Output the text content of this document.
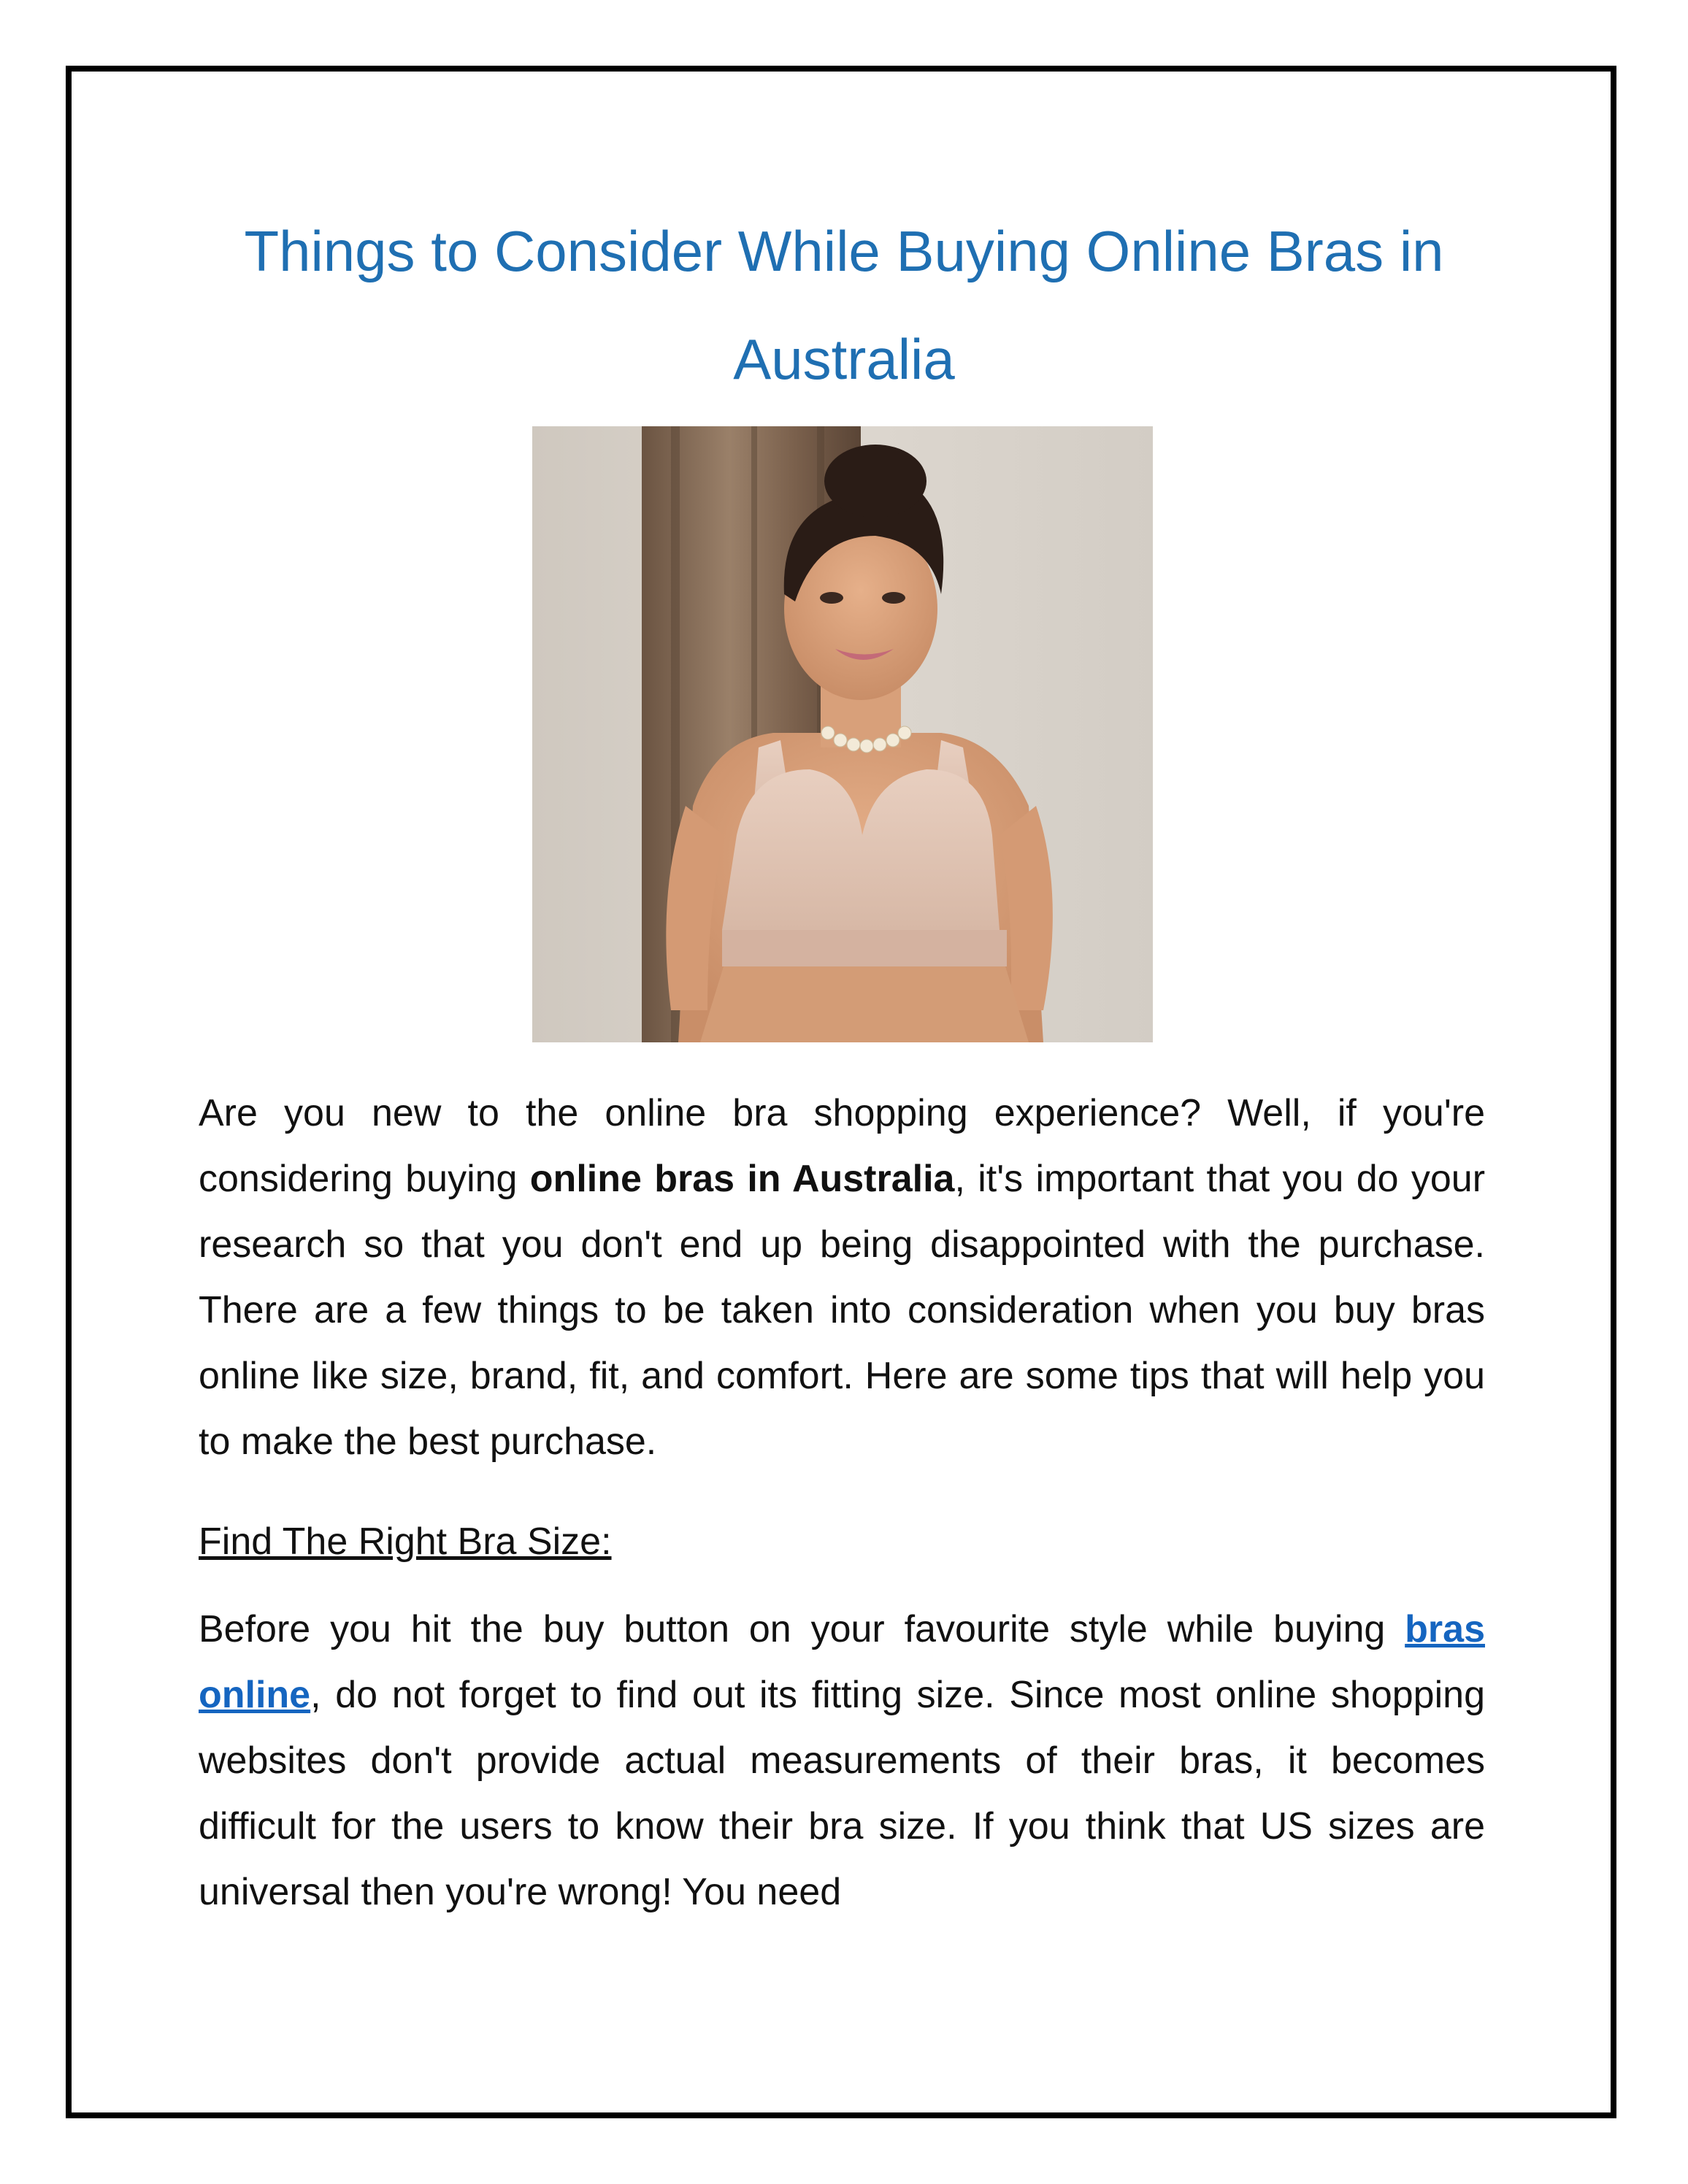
Things to Consider While Buying Online Bras in Australia

Are you new to the online bra shopping experience? Well, if you're considering buying online bras in Australia, it's important that you do your research so that you don't end up being disappointed with the purchase. There are a few things to be taken into consideration when you buy bras online like size, brand, fit, and comfort. Here are some tips that will help you to make the best purchase.

Find The Right Bra Size:

Before you hit the buy button on your favourite style while buying bras online, do not forget to find out its fitting size. Since most online shopping websites don't provide actual measurements of their bras, it becomes difficult for the users to know their bra size. If you think that US sizes are universal then you're wrong! You need
